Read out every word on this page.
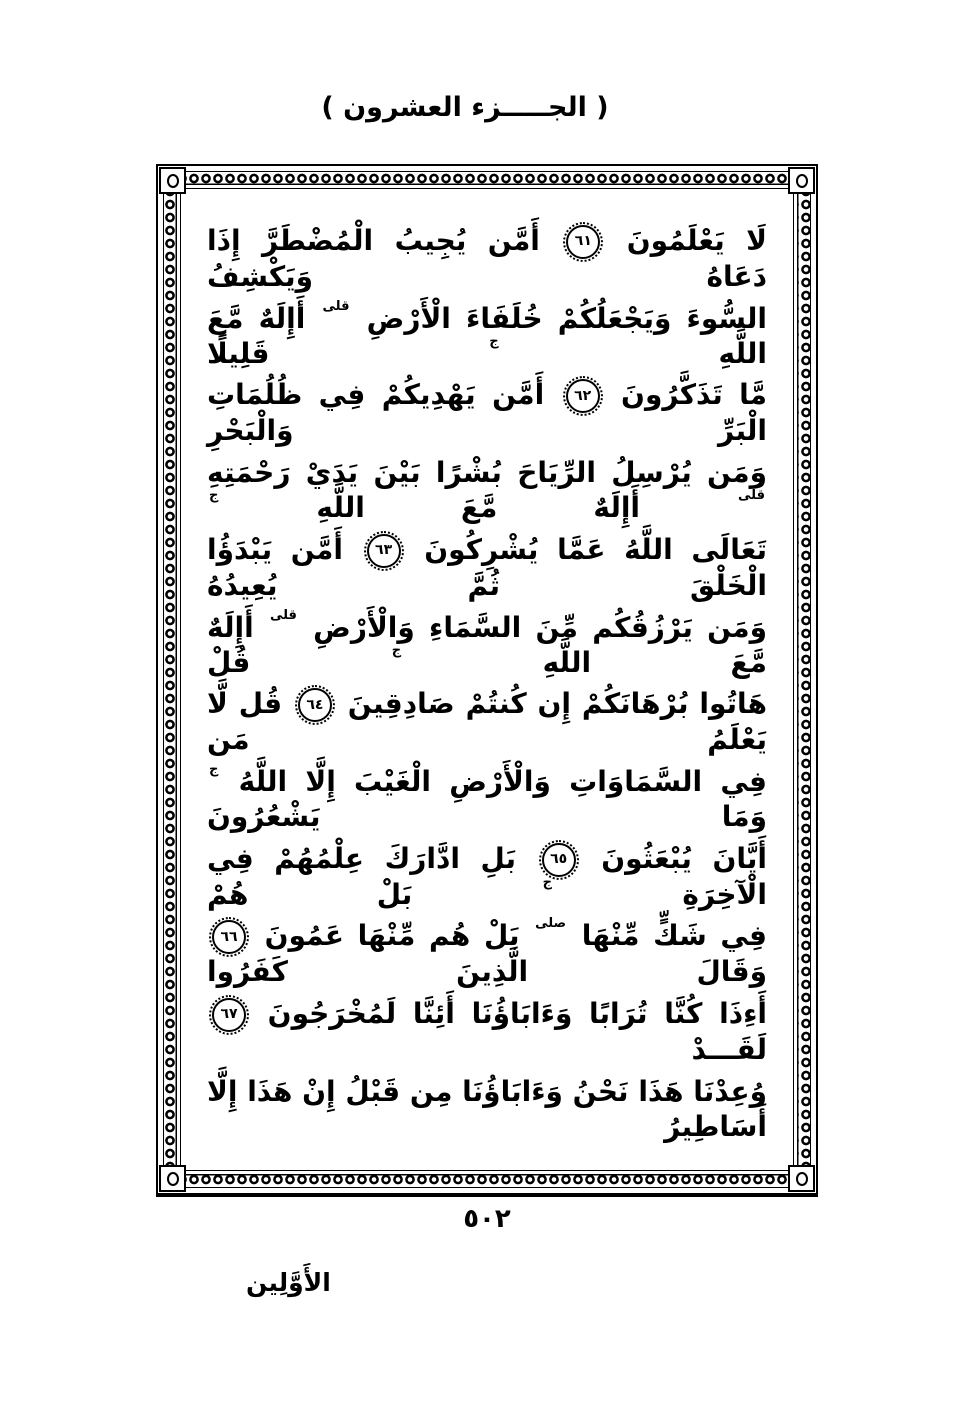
( الجـــــزء العشرون )
لَا يَعْلَمُونَ ٦١ أَمَّن يُجِيبُ الْمُضْطَرَّ إِذَا دَعَاهُ وَيَكْشِفُ
السُّوءَ وَيَجْعَلُكُمْ خُلَفَاءَ الْأَرْضِ قلى أَإِلَهٌ مَّعَ اللَّهِ ج قَلِيلًا
مَّا تَذَكَّرُونَ ٦٢ أَمَّن يَهْدِيكُمْ فِي ظُلُمَاتِ الْبَرِّ وَالْبَحْرِ
وَمَن يُرْسِلُ الرِّيَاحَ بُشْرًا بَيْنَ يَدَيْ رَحْمَتِهِ قلى أَإِلَهٌ مَّعَ اللَّهِ ج
تَعَالَى اللَّهُ عَمَّا يُشْرِكُونَ ٦٣ أَمَّن يَبْدَؤُا الْخَلْقَ ثُمَّ يُعِيدُهُ
وَمَن يَرْزُقُكُم مِّنَ السَّمَاءِ وَالْأَرْضِ قلى أَإِلَهٌ مَّعَ اللَّهِ ج قُلْ
هَاتُوا بُرْهَانَكُمْ إِن كُنتُمْ صَادِقِينَ ٦٤ قُل لَّا يَعْلَمُ مَن
فِي السَّمَاوَاتِ وَالْأَرْضِ الْغَيْبَ إِلَّا اللَّهُ ج وَمَا يَشْعُرُونَ
أَيَّانَ يُبْعَثُونَ ٦٥ بَلِ ادَّارَكَ عِلْمُهُمْ فِي الْآخِرَةِ ج بَلْ هُمْ
فِي شَكٍّ مِّنْهَا صلى بَلْ هُم مِّنْهَا عَمُونَ ٦٦ وَقَالَ الَّذِينَ كَفَرُوا
أَءِذَا كُنَّا تُرَابًا وَءَابَاؤُنَا أَئِنَّا لَمُخْرَجُونَ ٦٧ لَقَـــدْ
وُعِدْنَا هَذَا نَحْنُ وَءَابَاؤُنَا مِن قَبْلُ إِنْ هَذَا إِلَّا أَسَاطِيرُ
٥٠٢
الأَوَّلِين
